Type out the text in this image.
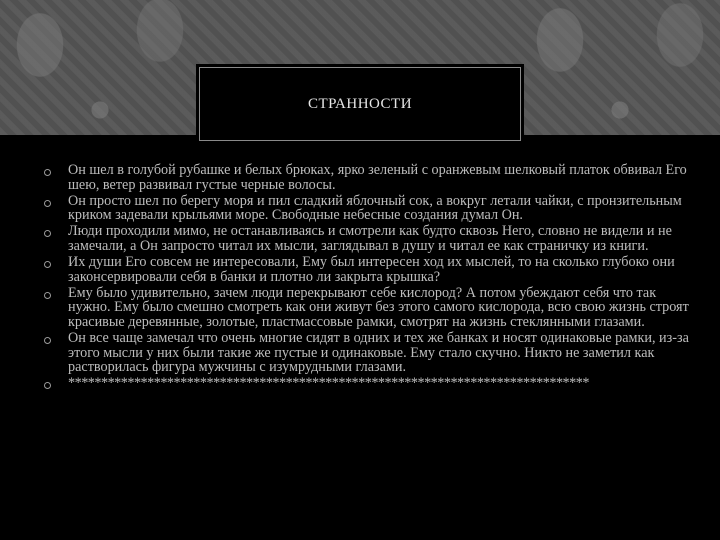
СТРАННОСТИ
Он шел в голубой рубашке и белых брюках, ярко зеленый с оранжевым шелковый платок обвивал Его шею, ветер развивал густые черные волосы.
Он просто шел по берегу моря и пил сладкий яблочный сок, а вокруг летали чайки, с пронзительным криком задевали крыльями море. Свободные небесные создания думал Он.
Люди проходили мимо, не останавливаясь и смотрели как будто сквозь Него, словно не видели и не замечали, а Он запросто читал их мысли, заглядывал в душу и читал ее как страничку из книги.
Их души Его совсем не интересовали, Ему был интересен ход их мыслей, то на сколько глубоко они законсервировали себя в банки и плотно ли закрыта крышка?
Ему было удивительно, зачем люди перекрывают себе кислород? А потом убеждают себя что так нужно. Ему было смешно смотреть как они живут без этого самого кислорода, всю свою жизнь строят красивые деревянные, золотые, пластмассовые рамки, смотрят на жизнь стеклянными глазами.
Он все чаще замечал что очень многие сидят в одних и тех же банках и носят одинаковые рамки, из-за этого мысли у них были такие же пустые и одинаковые. Ему стало скучно. Никто не заметил как растворилась фигура мужчины с изумрудными глазами.
*******************************************************************************
